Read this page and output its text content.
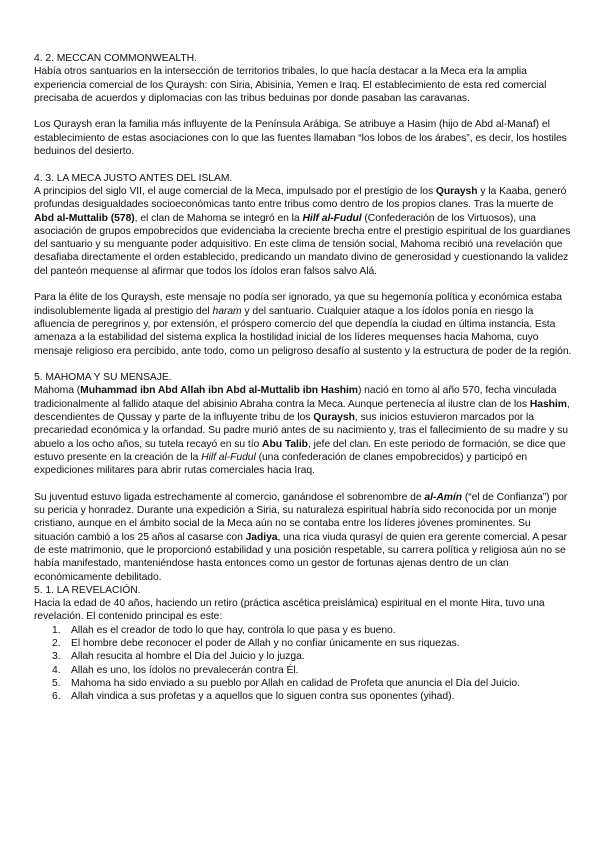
4. 2. MECCAN COMMONWEALTH.

Había otros santuarios en la intersección de territorios tribales, lo que hacía destacar a la Meca era la amplia experiencia comercial de los Quraysh: con Siria, Abisinia, Yemen e Iraq. El establecimiento de esta red comercial precisaba de acuerdos y diplomacias con las tribus beduinas por donde pasaban las caravanas.

Los Quraysh eran la familia más influyente de la Península Arábiga. Se atribuye a Hasim (hijo de Abd al-Manaf) el establecimiento de estas asociaciones con lo que las fuentes llamaban “los lobos de los árabes”, es decir, los hostiles beduinos del desierto.

4. 3. LA MECA JUSTO ANTES DEL ISLAM.

A principios del siglo VII, el auge comercial de la Meca, impulsado por el prestigio de los Quraysh y la Kaaba, generó profundas desigualdades socioeconómicas tanto entre tribus como dentro de los propios clanes. Tras la muerte de Abd al-Muttalib (578), el clan de Mahoma se integró en la Hilf al-Fudul (Confederación de los Virtuosos), una asociación de grupos empobrecidos que evidenciaba la creciente brecha entre el prestigio espiritual de los guardianes del santuario y su menguante poder adquisitivo. En este clima de tensión social, Mahoma recibió una revelación que desafiaba directamente el orden establecido, predicando un mandato divino de generosidad y cuestionando la validez del panteón mequense al afirmar que todos los ídolos eran falsos salvo Alá.

Para la élite de los Quraysh, este mensaje no podía ser ignorado, ya que su hegemonía política y económica estaba indisolublemente ligada al prestigio del haram y del santuario. Cualquier ataque a los ídolos ponía en riesgo la afluencia de peregrinos y, por extensión, el próspero comercio del que dependía la ciudad en última instancia. Esta amenaza a la estabilidad del sistema explica la hostilidad inicial de los líderes mequenses hacia Mahoma, cuyo mensaje religioso era percibido, ante todo, como un peligroso desafío al sustento y la estructura de poder de la región.

5. MAHOMA Y SU MENSAJE.

Mahoma (Muhammad ibn Abd Allah ibn Abd al-Muttalib ibn Hashim) nació en torno al año 570, fecha vinculada tradicionalmente al fallido ataque del abisinio Abraha contra la Meca. Aunque pertenecía al ilustre clan de los Hashim, descendientes de Qussay y parte de la influyente tribu de los Quraysh, sus inicios estuvieron marcados por la precariedad económica y la orfandad. Su padre murió antes de su nacimiento y, tras el fallecimiento de su madre y su abuelo a los ocho años, su tutela recayó en su tío Abu Talib, jefe del clan. En este periodo de formación, se dice que estuvo presente en la creación de la Hilf al-Fudul (una confederación de clanes empobrecidos) y participó en expediciones militares para abrir rutas comerciales hacia Iraq.

Su juventud estuvo ligada estrechamente al comercio, ganándose el sobrenombre de al-Amín (“el de Confianza”) por su pericia y honradez. Durante una expedición a Siria, su naturaleza espiritual habría sido reconocida por un monje cristiano, aunque en el ámbito social de la Meca aún no se contaba entre los líderes jóvenes prominentes. Su situación cambió a los 25 años al casarse con Jadiya, una rica viuda qurasyí de quien era gerente comercial. A pesar de este matrimonio, que le proporcionó estabilidad y una posición respetable, su carrera política y religiosa aún no se había manifestado, manteniéndose hasta entonces como un gestor de fortunas ajenas dentro de un clan económicamente debilitado.

5. 1. LA REVELACIÓN.

Hacia la edad de 40 años, haciendo un retiro (práctica ascética preislámica) espiritual en el monte Hira, tuvo una revelación. El contenido principal es este:

1.	Allah es el creador de todo lo que hay, controla lo que pasa y es bueno.
2.	El hombre debe reconocer el poder de Allah y no confiar únicamente en sus riquezas.
3.	Allah resucita al hombre el Día del Juicio y lo juzga.
4.	Allah es uno, los ídolos no prevalecerán contra Él.
5.	Mahoma ha sido enviado a su pueblo por Allah en calidad de Profeta que anuncia el Día del Juicio.
6.	Allah vindica a sus profetas y a aquellos que lo siguen contra sus oponentes (yihad).
